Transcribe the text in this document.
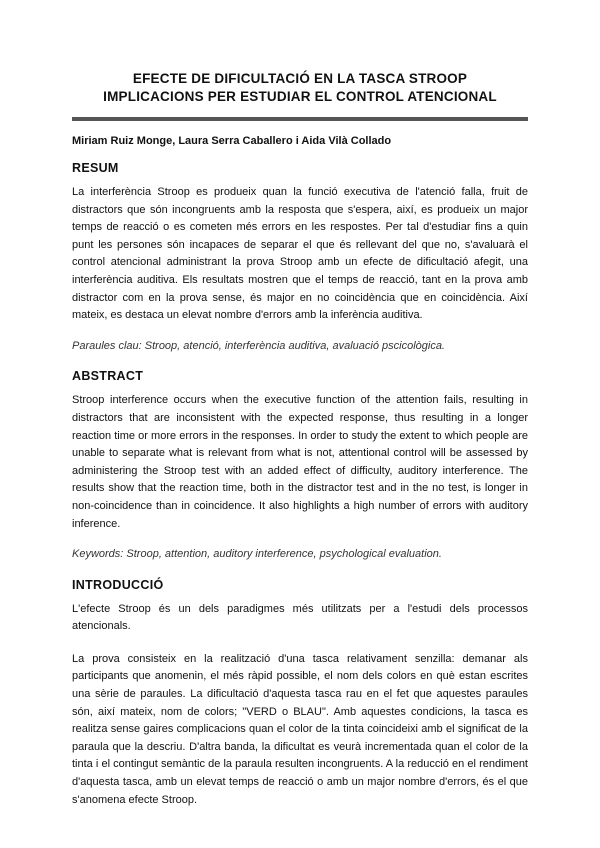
EFECTE DE DIFICULTACIÓ EN LA TASCA STROOP
IMPLICACIONS PER ESTUDIAR EL CONTROL ATENCIONAL
Miriam Ruiz Monge, Laura Serra Caballero i Aida Vilà Collado
RESUM

La interferència Stroop es produeix quan la funció executiva de l'atenció falla, fruit de distractors que són incongruents amb la resposta que s'espera, així, es produeix un major temps de reacció o es cometen més errors en les respostes. Per tal d'estudiar fins a quin punt les persones són incapaces de separar el que és rellevant del que no, s'avaluarà el control atencional administrant la prova Stroop amb un efecte de dificultació afegit, una interferència auditiva. Els resultats mostren que el temps de reacció, tant en la prova amb distractor com en la prova sense, és major en no coincidència que en coincidència. Així mateix, es destaca un elevat nombre d'errors amb la inferència auditiva.

Paraules clau: Stroop, atenció, interferència auditiva, avaluació pscicològica.

ABSTRACT

Stroop interference occurs when the executive function of the attention fails, resulting in distractors that are inconsistent with the expected response, thus resulting in a longer reaction time or more errors in the responses. In order to study the extent to which people are unable to separate what is relevant from what is not, attentional control will be assessed by administering the Stroop test with an added effect of difficulty, auditory interference. The results show that the reaction time, both in the distractor test and in the no test, is longer in non-coincidence than in coincidence. It also highlights a high number of errors with auditory inference.

Keywords: Stroop, attention, auditory interference, psychological evaluation.

INTRODUCCIÓ

L'efecte Stroop és un dels paradigmes més utilitzats per a l'estudi dels processos atencionals.

La prova consisteix en la realització d'una tasca relativament senzilla: demanar als participants que anomenin, el més ràpid possible, el nom dels colors en què estan escrites una sèrie de paraules. La dificultació d'aquesta tasca rau en el fet que aquestes paraules són, així mateix, nom de colors; "VERD o BLAU". Amb aquestes condicions, la tasca es realitza sense gaires complicacions quan el color de la tinta coincideixi amb el significat de la paraula que la descriu. D'altra banda, la dificultat es veurà incrementada quan el color de la tinta i el contingut semàntic de la paraula resulten incongruents. A la reducció en el rendiment d'aquesta tasca, amb un elevat temps de reacció o amb un major nombre d'errors, és el que s'anomena efecte Stroop.
